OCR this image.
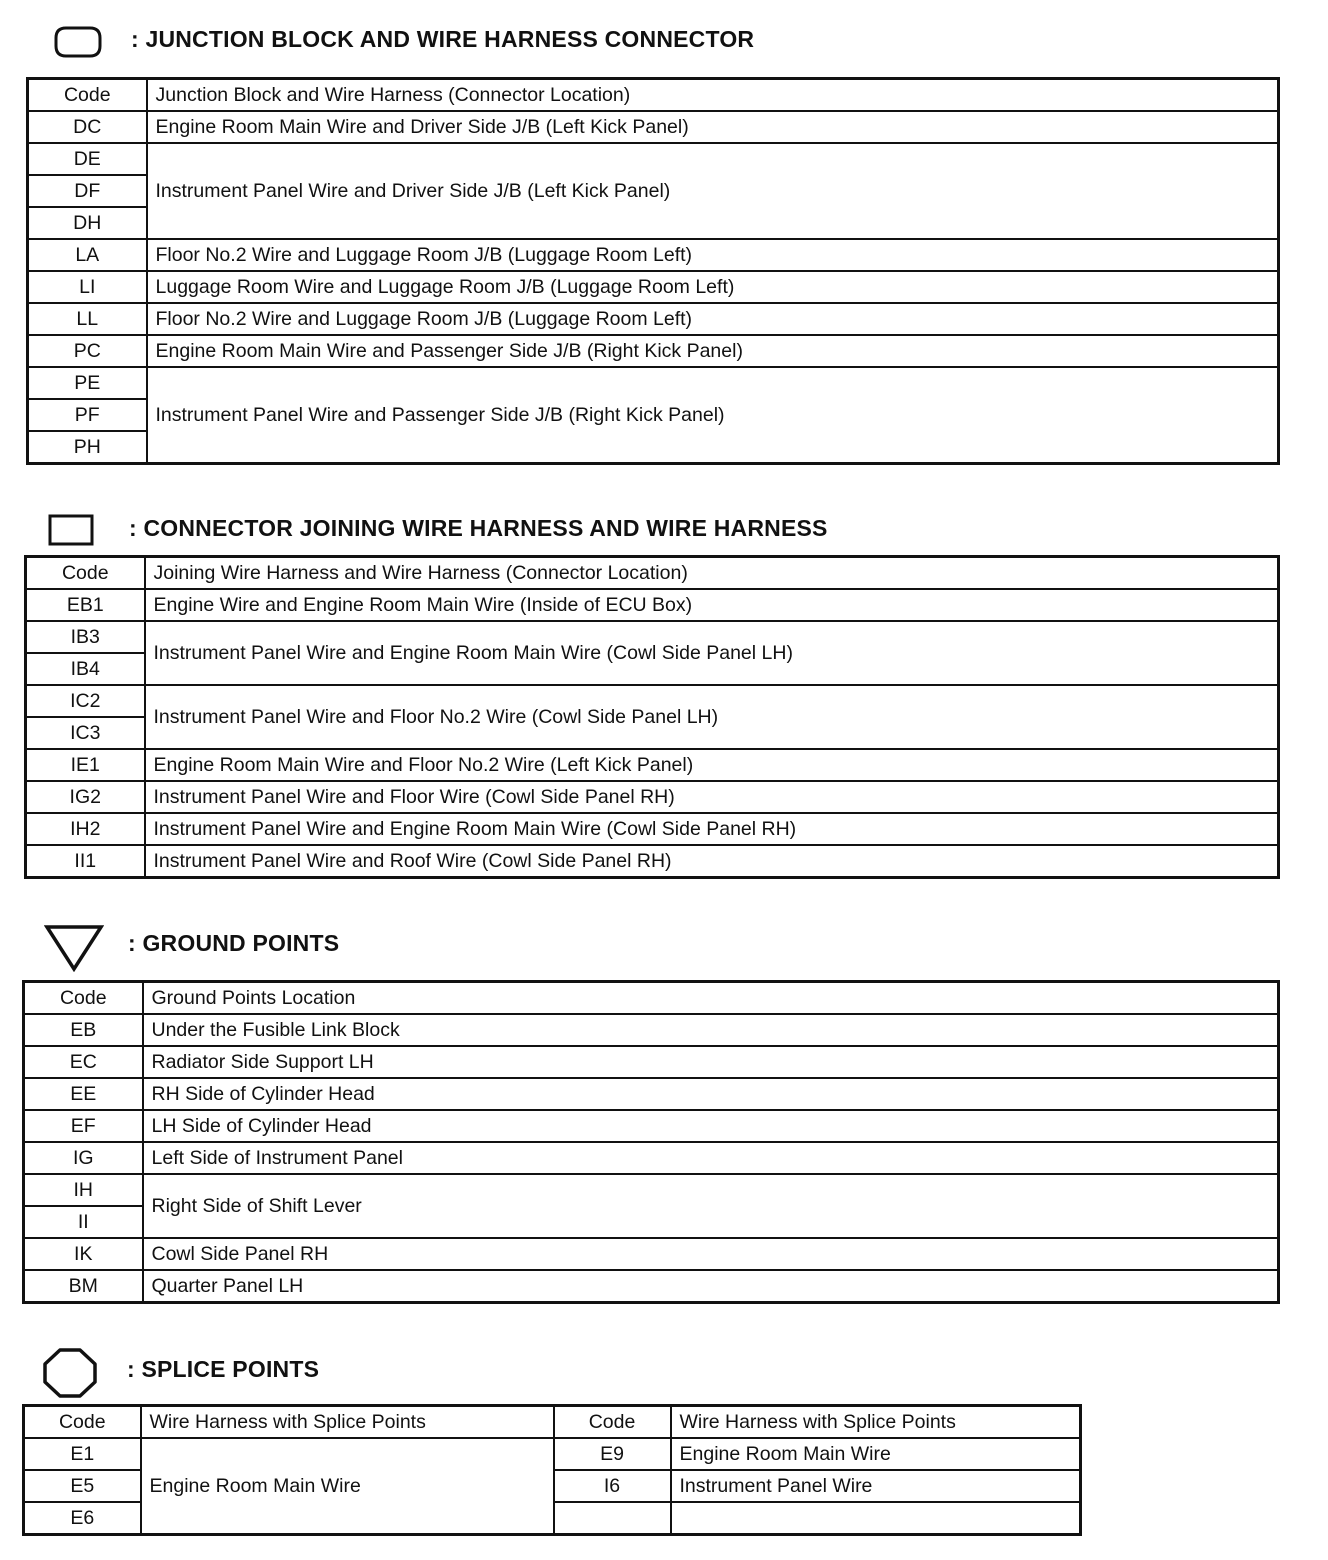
: JUNCTION BLOCK AND WIRE HARNESS CONNECTOR
Code	Junction Block and Wire Harness (Connector Location)
DC	Engine Room Main Wire and Driver Side J/B (Left Kick Panel)
DE	Instrument Panel Wire and Driver Side J/B (Left Kick Panel)
DF	
DH	
LA	Floor No.2 Wire and Luggage Room J/B (Luggage Room Left)
LI	Luggage Room Wire and Luggage Room J/B (Luggage Room Left)
LL	Floor No.2 Wire and Luggage Room J/B (Luggage Room Left)
PC	Engine Room Main Wire and Passenger Side J/B (Right Kick Panel)
PE	Instrument Panel Wire and Passenger Side J/B (Right Kick Panel)
PF	
PH	
: CONNECTOR JOINING WIRE HARNESS AND WIRE HARNESS
Code	Joining Wire Harness and Wire Harness (Connector Location)
EB1	Engine Wire and Engine Room Main Wire (Inside of ECU Box)
IB3	Instrument Panel Wire and Engine Room Main Wire (Cowl Side Panel LH)
IB4	
IC2	Instrument Panel Wire and Floor No.2 Wire (Cowl Side Panel LH)
IC3	
IE1	Engine Room Main Wire and Floor No.2 Wire (Left Kick Panel)
IG2	Instrument Panel Wire and Floor Wire (Cowl Side Panel RH)
IH2	Instrument Panel Wire and Engine Room Main Wire (Cowl Side Panel RH)
II1	Instrument Panel Wire and Roof Wire (Cowl Side Panel RH)
: GROUND POINTS
Code	Ground Points Location
EB	Under the Fusible Link Block
EC	Radiator Side Support LH
EE	RH Side of Cylinder Head
EF	LH Side of Cylinder Head
IG	Left Side of Instrument Panel
IH	Right Side of Shift Lever
II	
IK	Cowl Side Panel RH
BM	Quarter Panel LH
: SPLICE POINTS
Code	Wire Harness with Splice Points	Code	Wire Harness with Splice Points
E1	Engine Room Main Wire	E9	Engine Room Main Wire
E5		I6	Instrument Panel Wire
E6			
